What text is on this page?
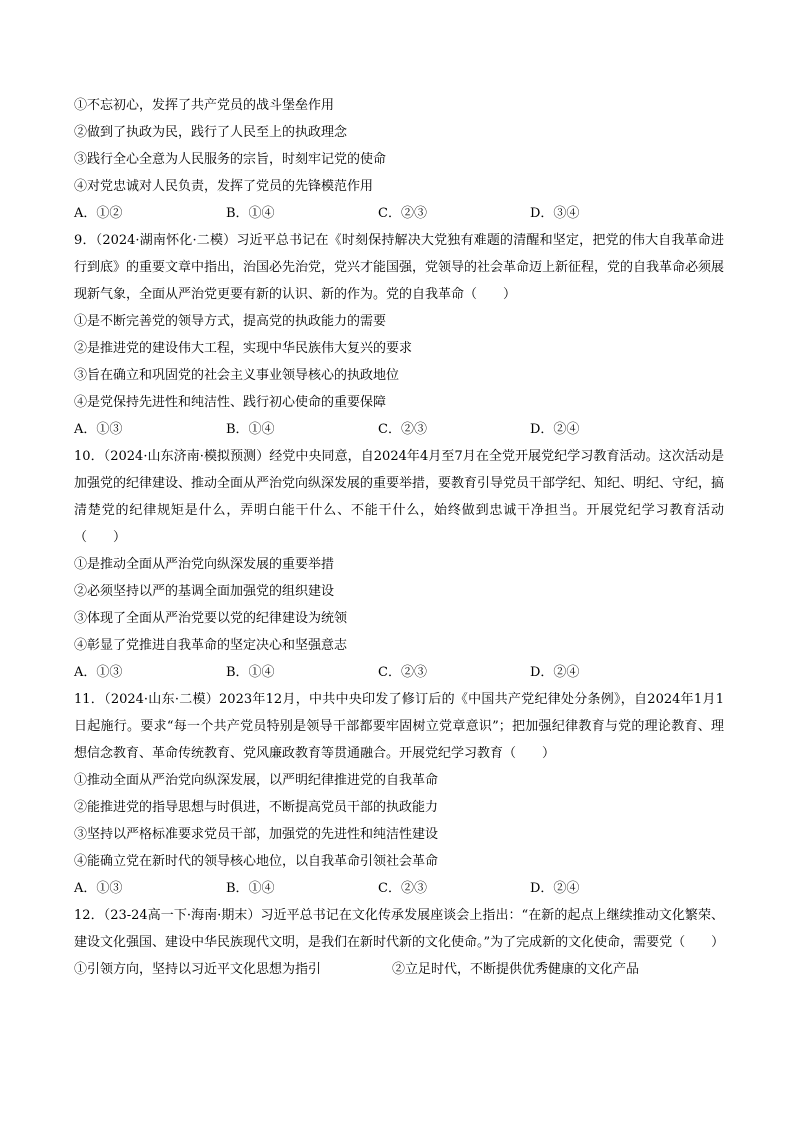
①不忘初心，发挥了共产党员的战斗堡垒作用
②做到了执政为民，践行了人民至上的执政理念
③践行全心全意为人民服务的宗旨，时刻牢记党的使命
④对党忠诚对人民负责，发挥了党员的先锋模范作用
A．①②	B．①④	C．②③	D．③④
9．（2024·湖南怀化·二模）习近平总书记在《时刻保持解决大党独有难题的清醒和坚定，把党的伟大自我革命进行到底》的重要文章中指出，治国必先治党，党兴才能国强，党领导的社会革命迈上新征程，党的自我革命必须展现新气象，全面从严治党更要有新的认识、新的作为。党的自我革命（　　）
①是不断完善党的领导方式，提高党的执政能力的需要
②是推进党的建设伟大工程，实现中华民族伟大复兴的要求
③旨在确立和巩固党的社会主义事业领导核心的执政地位
④是党保持先进性和纯洁性、践行初心使命的重要保障
A．①③	B．①④	C．②③	D．②④
10．（2024·山东济南·模拟预测）经党中央同意，自2024年4月至7月在全党开展党纪学习教育活动。这次活动是加强党的纪律建设、推动全面从严治党向纵深发展的重要举措，要教育引导党员干部学纪、知纪、明纪、守纪，搞清楚党的纪律规矩是什么，弄明白能干什么、不能干什么，始终做到忠诚干净担当。开展党纪学习教育活动（　　）
①是推动全面从严治党向纵深发展的重要举措
②必须坚持以严的基调全面加强党的组织建设
③体现了全面从严治党要以党的纪律建设为统领
④彰显了党推进自我革命的坚定决心和坚强意志
A．①③	B．①④	C．②③	D．②④
11．（2024·山东·二模）2023年12月，中共中央印发了修订后的《中国共产党纪律处分条例》，自2024年1月1日起施行。要求“每一个共产党员特别是领导干部都要牢固树立党章意识”；把加强纪律教育与党的理论教育、理想信念教育、革命传统教育、党风廉政教育等贯通融合。开展党纪学习教育（　　）
①推动全面从严治党向纵深发展，以严明纪律推进党的自我革命
②能推进党的指导思想与时俱进，不断提高党员干部的执政能力
③坚持以严格标准要求党员干部，加强党的先进性和纯洁性建设
④能确立党在新时代的领导核心地位，以自我革命引领社会革命
A．①③	B．①④	C．②③	D．②④
12．（23-24高一下·海南·期末）习近平总书记在文化传承发展座谈会上指出：“在新的起点上继续推动文化繁荣、建设文化强国、建设中华民族现代文明，是我们在新时代新的文化使命。”为了完成新的文化使命，需要党（　　）
①引领方向，坚持以习近平文化思想为指引	②立足时代，不断提供优秀健康的文化产品
